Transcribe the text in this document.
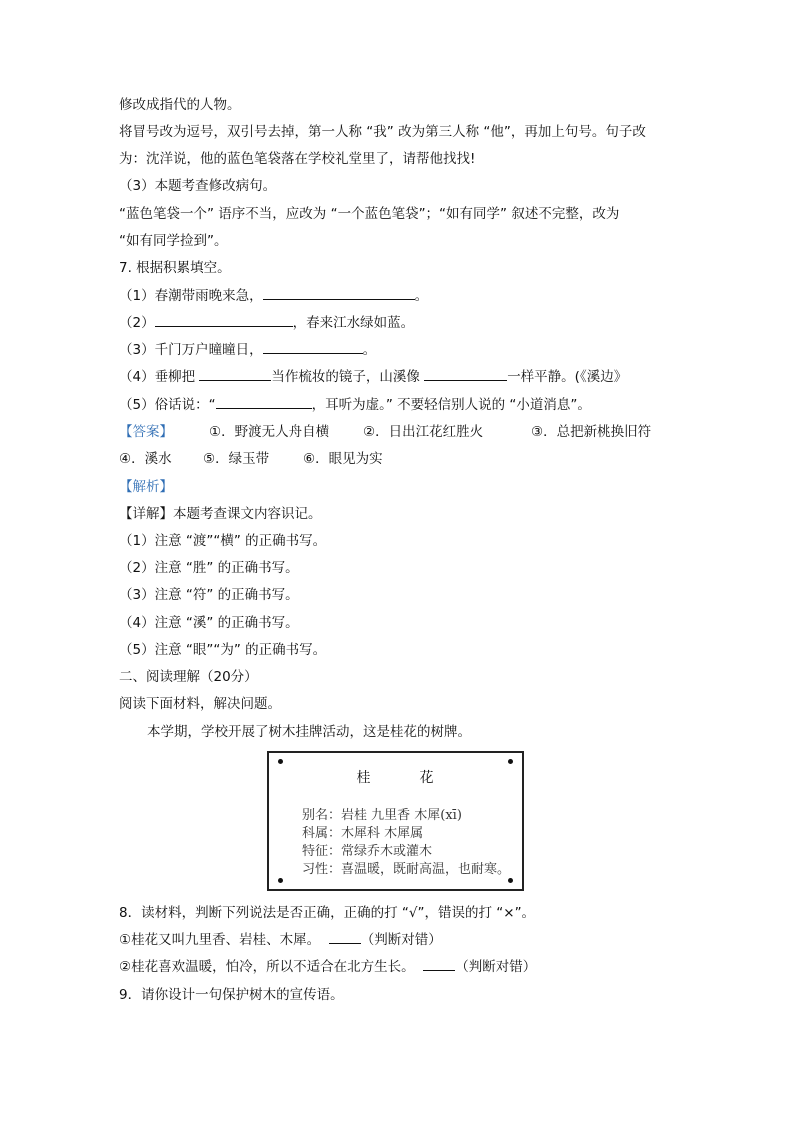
修改成指代的人物。
将冒号改为逗号，双引号去掉，第一人称 “我” 改为第三人称 “他”，再加上句号。句子改
为：沈洋说，他的蓝色笔袋落在学校礼堂里了，请帮他找找!
（3）本题考查修改病句。
“蓝色笔袋一个” 语序不当，应改为 “一个蓝色笔袋”；“如有同学” 叙述不完整，改为
“如有同学捡到”。
7. 根据积累填空。
（1）春潮带雨晚来急，	。
（2）	，春来江水绿如蓝。
（3）千门万户曈曈日，	。
（4）垂柳把	当作梳妆的镜子，山溪像	一样平静。(《溪边》
（5）俗话说：“	，耳听为虚。” 不要轻信别人说的 “小道消息”。
【答案】	①．野渡无人舟自横	②．日出江花红胜火	③．总把新桃换旧符
④．溪水 ⑤．绿玉带	⑥．眼见为实
【解析】
【详解】本题考查课文内容识记。
（1）注意 “渡”“横” 的正确书写。
（2）注意 “胜” 的正确书写。
（3）注意 “符” 的正确书写。
（4）注意 “溪” 的正确书写。
（5）注意 “眼”“为” 的正确书写。
二、阅读理解（20分）
阅读下面材料，解决问题。
本学期，学校开展了树木挂牌活动，这是桂花的树牌。
桂	花
别名：岩桂 九里香 木犀(xī)
科属：木犀科 木犀属
特征：常绿乔木或灌木
习性：喜温暖，既耐高温，也耐寒。
8．读材料，判断下列说法是否正确，正确的打 “√”，错误的打 “×”。
①桂花又叫九里香、岩桂、木犀。	（判断对错）
②桂花喜欢温暖，怕冷，所以不适合在北方生长。	（判断对错）
9．请你设计一句保护树木的宣传语。
